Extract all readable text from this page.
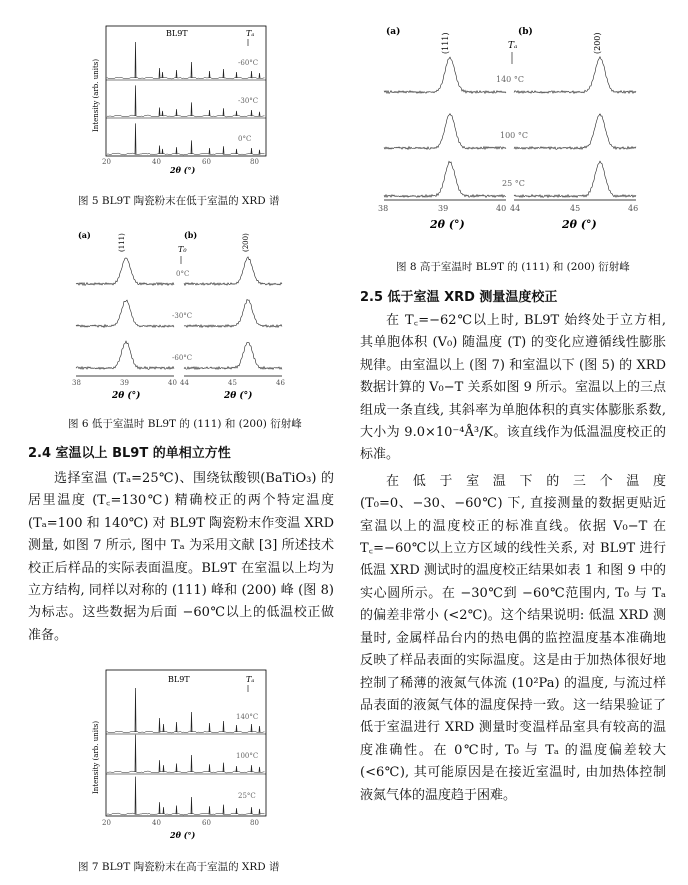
Intensity (arb. units)
BL9T	Tₐ
-60°C
-30°C
0°C
20	40	60	80
2θ (°)
图 5 BL9T 陶瓷粉末在低于室温的 XRD 谱
(a)	(b)
(111)	(200)
T₀
0°C
-30°C
-60°C
38	39	40 44	45	46
2θ (°)	2θ (°)
图 6 低于室温时 BL9T 的 (111) 和 (200) 衍射峰
2.4 室温以上 BL9T 的单相立方性

选择室温 (Tₐ=25℃)、围绕钛酸钡(BaTiO₃) 的居里温度 (T꜀=130℃) 精确校正的两个特定温度 (Tₐ=100 和 140℃) 对 BL9T 陶瓷粉末作变温 XRD 测量, 如图 7 所示, 图中 Tₐ 为采用文献 [3] 所述技术校正后样品的实际表面温度。BL9T 在室温以上均为立方结构, 同样以对称的 (111) 峰和 (200) 峰 (图 8) 为标志。这些数据为后面 −60℃以上的低温校正做准备。

Intensity (arb. units)
BL9T	Tₐ
140°C
100°C
25°C
20	40	60	80
2θ (°)
图 7 BL9T 陶瓷粉末在高于室温的 XRD 谱
(a)	(b)
(111)	(200)
Tₐ
140 °C
100 °C
25 °C
38	39	40 44	45	46
2θ (°)	2θ (°)
图 8 高于室温时 BL9T 的 (111) 和 (200) 衍射峰
2.5 低于室温 XRD 测量温度校正

在 T꜀=−62℃以上时, BL9T 始终处于立方相, 其单胞体积 (V₀) 随温度 (T) 的变化应遵循线性膨胀规律。由室温以上 (图 7) 和室温以下 (图 5) 的 XRD 数据计算的 V₀−T 关系如图 9 所示。室温以上的三点组成一条直线, 其斜率为单胞体积的真实体膨胀系数, 大小为 9.0×10⁻⁴Å³/K。该直线作为低温温度校正的标准。

在低于室温下的三个温度 (T₀=0、−30、−60℃) 下, 直接测量的数据更贴近室温以上的温度校正的标准直线。依据 V₀−T 在 T꜀=−60℃以上立方区域的线性关系, 对 BL9T 进行低温 XRD 测试时的温度校正结果如表 1 和图 9 中的实心圆所示。在 −30℃到 −60℃范围内, T₀ 与 Tₐ 的偏差非常小 (<2℃)。这个结果说明: 低温 XRD 测量时, 金属样品台内的热电偶的监控温度基本准确地反映了样品表面的实际温度。这是由于加热体很好地控制了稀薄的液氮气体流 (10²Pa) 的温度, 与流过样品表面的液氮气体的温度保持一致。这一结果验证了低于室温进行 XRD 测量时变温样品室具有较高的温度准确性。在 0℃时, T₀ 与 Tₐ 的温度偏差较大 (<6℃), 其可能原因是在接近室温时, 由加热体控制液氮气体的温度趋于困难。
